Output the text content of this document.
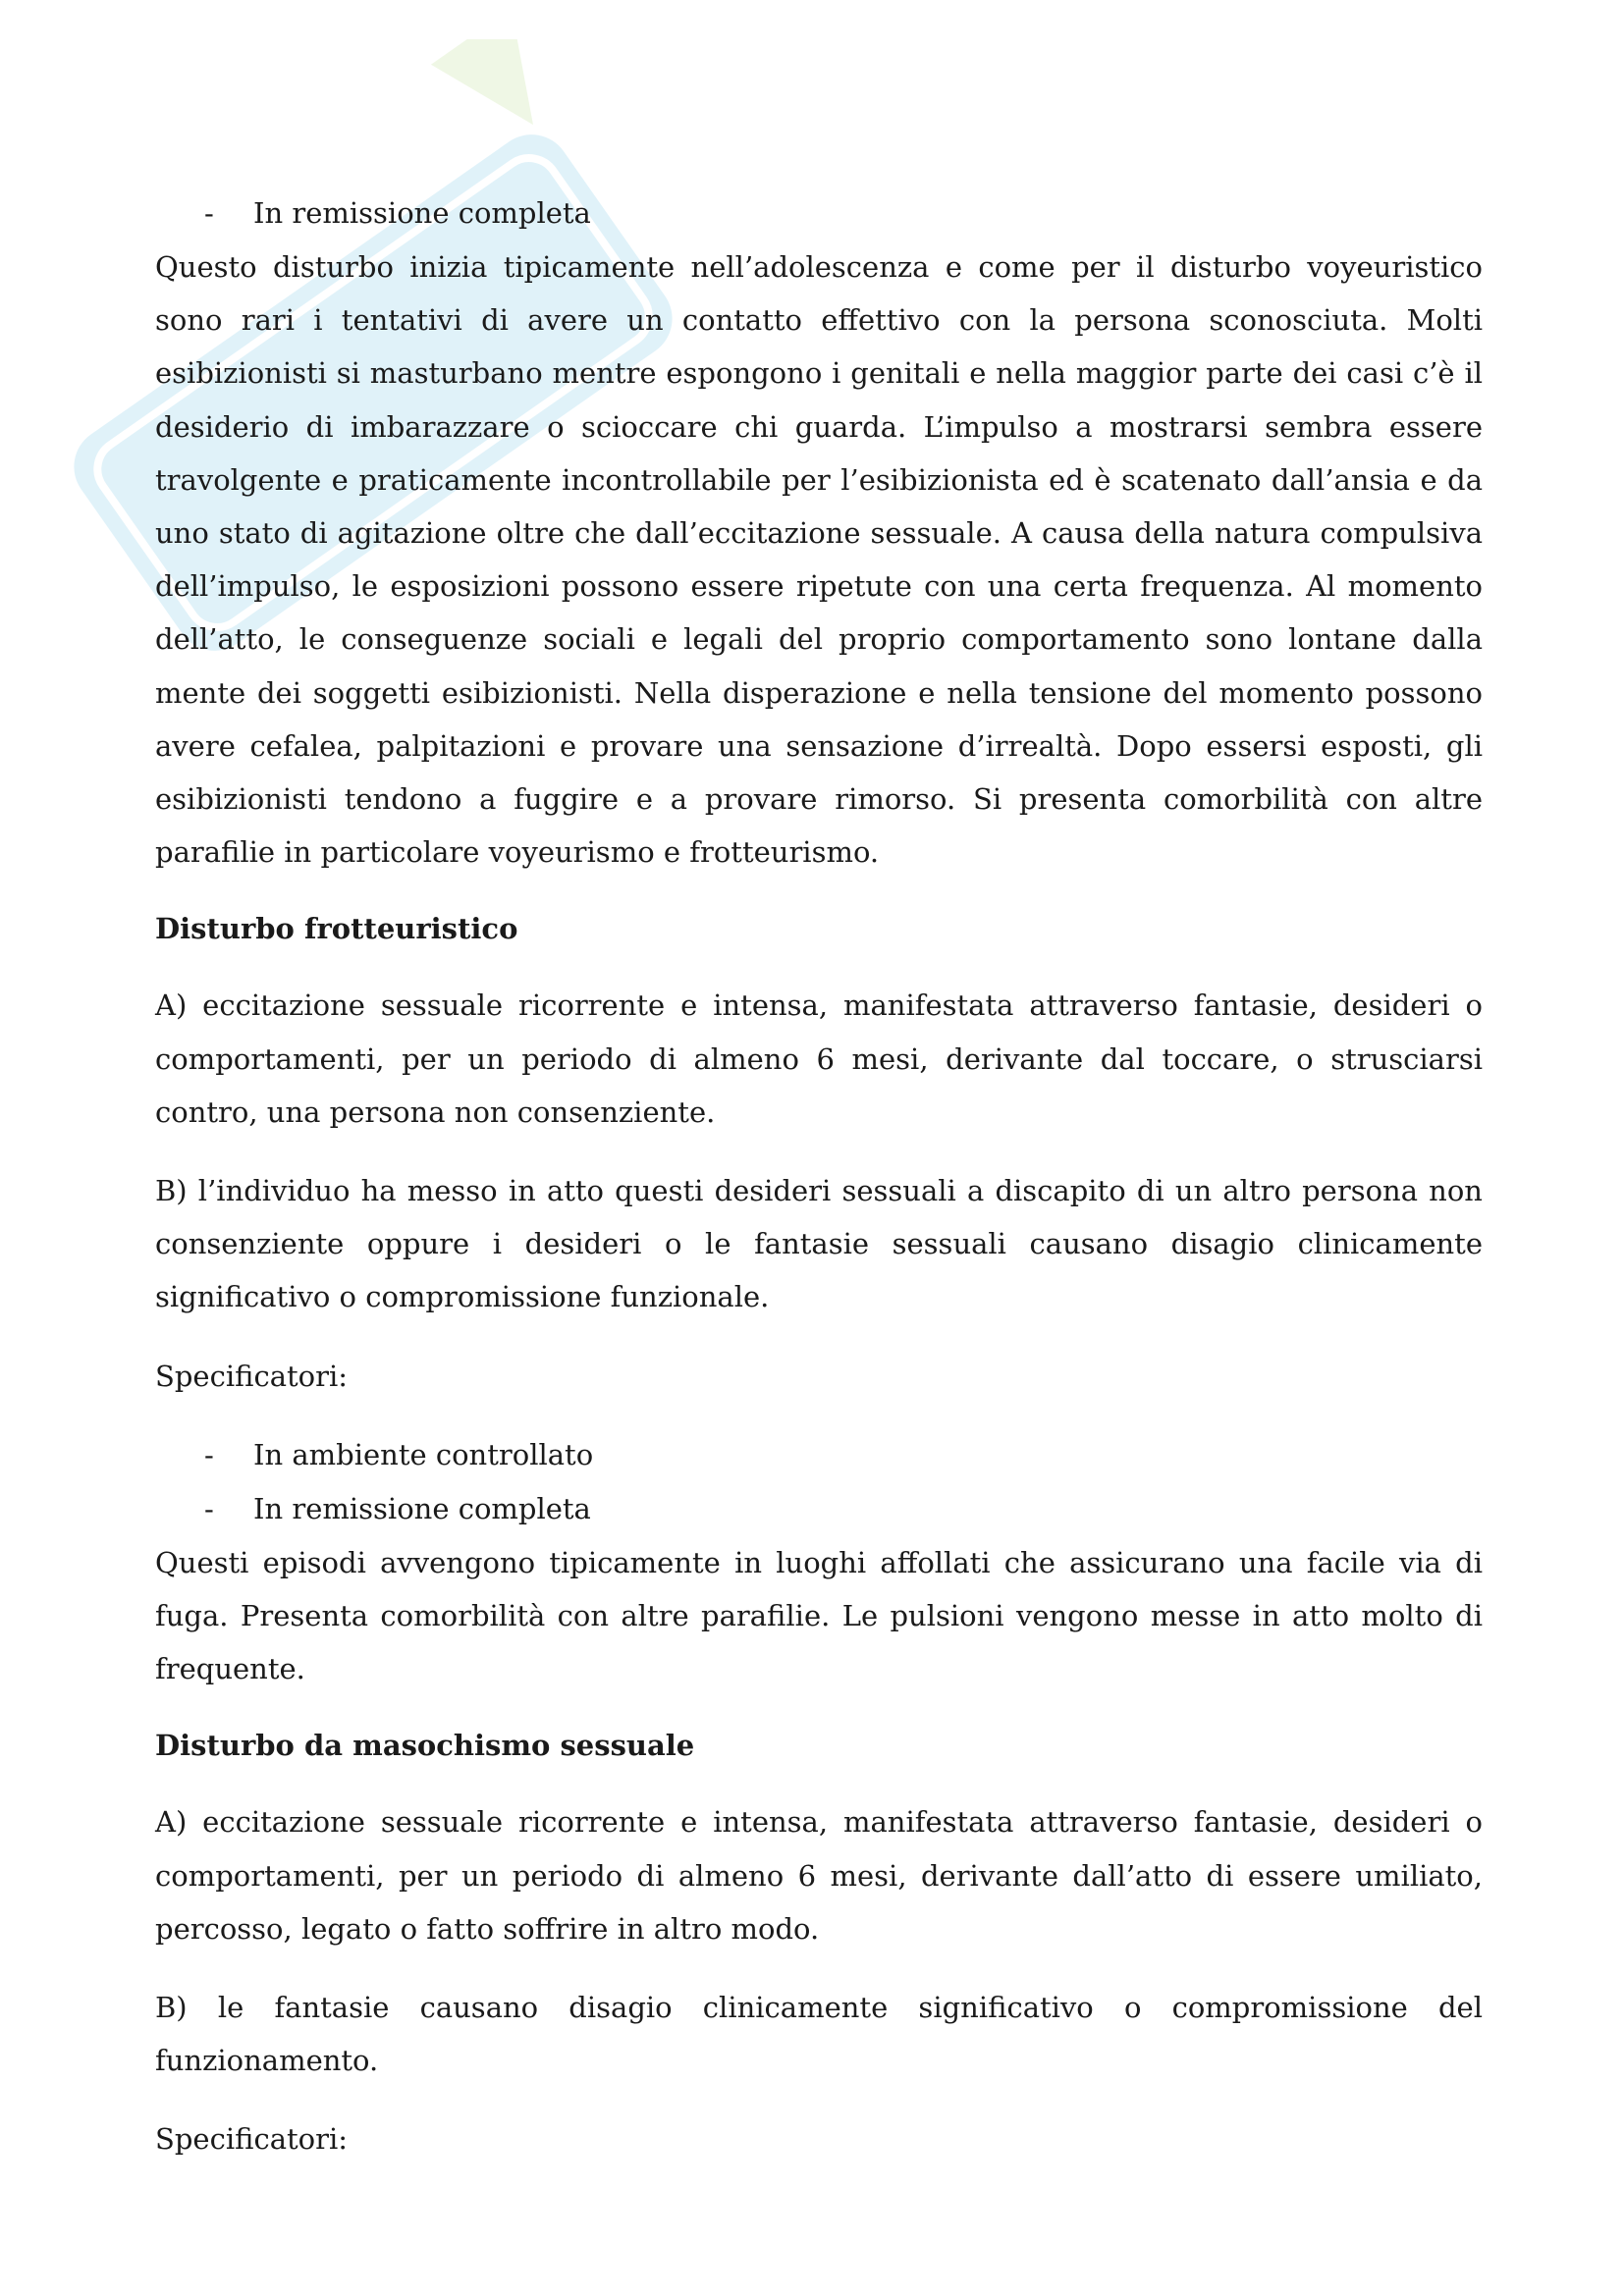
-	In remissione completa

Questo disturbo inizia tipicamente nell’adolescenza e come per il disturbo voyeuristico sono rari i tentativi di avere un contatto effettivo con la persona sconosciuta. Molti esibizionisti si masturbano mentre espongono i genitali e nella maggior parte dei casi c’è il desiderio di imbarazzare o scioccare chi guarda. L’impulso a mostrarsi sembra essere travolgente e praticamente incontrollabile per l’esibizionista ed è scatenato dall’ansia e da uno stato di agitazione oltre che dall’eccitazione sessuale. A causa della natura compulsiva dell’impulso, le esposizioni possono essere ripetute con una certa frequenza. Al momento dell’atto, le conseguenze sociali e legali del proprio comportamento sono lontane dalla mente dei soggetti esibizionisti. Nella disperazione e nella tensione del momento possono avere cefalea, palpitazioni e provare una sensazione d’irrealtà. Dopo essersi esposti, gli esibizionisti tendono a fuggire e a provare rimorso. Si presenta comorbilità con altre parafilie in particolare voyeurismo e frotteurismo.

Disturbo frotteuristico

A) eccitazione sessuale ricorrente e intensa, manifestata attraverso fantasie, desideri o comportamenti, per un periodo di almeno 6 mesi, derivante dal toccare, o strusciarsi contro, una persona non consenziente.

B) l’individuo ha messo in atto questi desideri sessuali a discapito di un altro persona non consenziente oppure i desideri o le fantasie sessuali causano disagio clinicamente significativo o compromissione funzionale.

Specificatori:

-	In ambiente controllato
-	In remissione completa

Questi episodi avvengono tipicamente in luoghi affollati che assicurano una facile via di fuga. Presenta comorbilità con altre parafilie. Le pulsioni vengono messe in atto molto di frequente.

Disturbo da masochismo sessuale

A) eccitazione sessuale ricorrente e intensa, manifestata attraverso fantasie, desideri o comportamenti, per un periodo di almeno 6 mesi, derivante dall’atto di essere umiliato, percosso, legato o fatto soffrire in altro modo.

B) le fantasie causano disagio clinicamente significativo o compromissione del funzionamento.

Specificatori:
